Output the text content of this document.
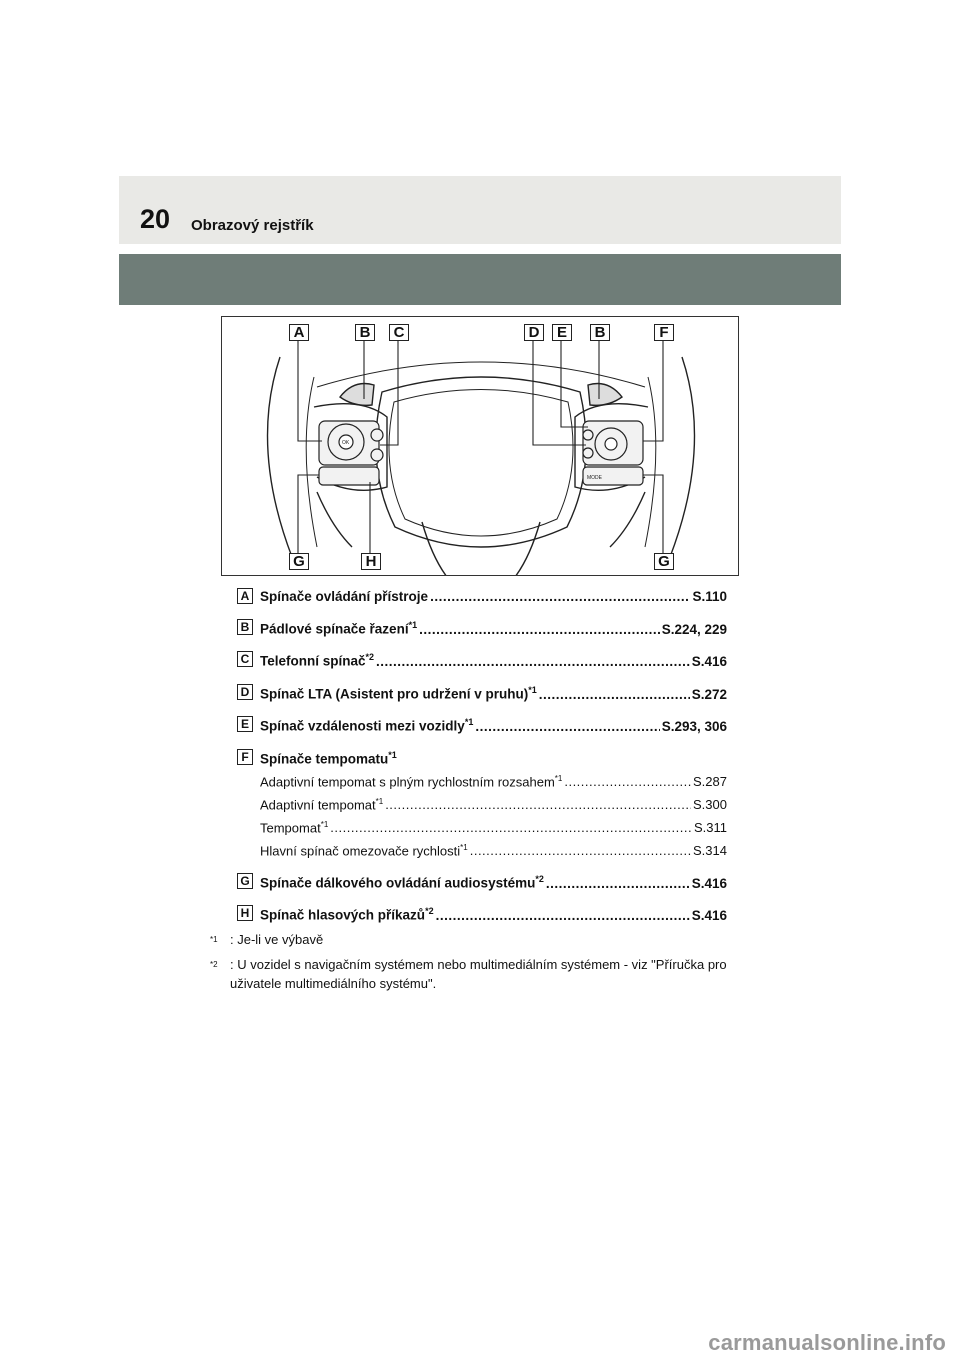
20 Obrazový rejstřík
OK
MODE
A	B	C	D	E	B	F
G	H	G
A Spínače ovládání přístroje .....	S.110
B Pádlové spínače řazení$^{*1}$ .....	S.224, 229
C Telefonní spínač$^{*2}$ .....	S.416
D Spínač LTA (Asistent pro udržení v pruhu)$^{*1}$ .....	S.272
E Spínač vzdálenosti mezi vozidly$^{*1}$ .....	S.293, 306
F Spínače tempomatu$^{*1}$
Adaptivní tempomat s plným rychlostním rozsahem$^{*1}$ .....	S.287
Adaptivní tempomat$^{*1}$ .....	S.300
Tempomat$^{*1}$ .....	S.311
Hlavní spínač omezovače rychlosti$^{*1}$ .....	S.314
G Spínače dálkového ovládání audiosystému$^{*2}$ .....	S.416
H Spínač hlasových příkazů$^{*2}$ .....	S.416
*1 : Je-li ve výbavě
*2 : U vozidel s navigačním systémem nebo multimediálním systémem - viz "Příručka pro uživatele multimediálního systému".
carmanualsonline.info
